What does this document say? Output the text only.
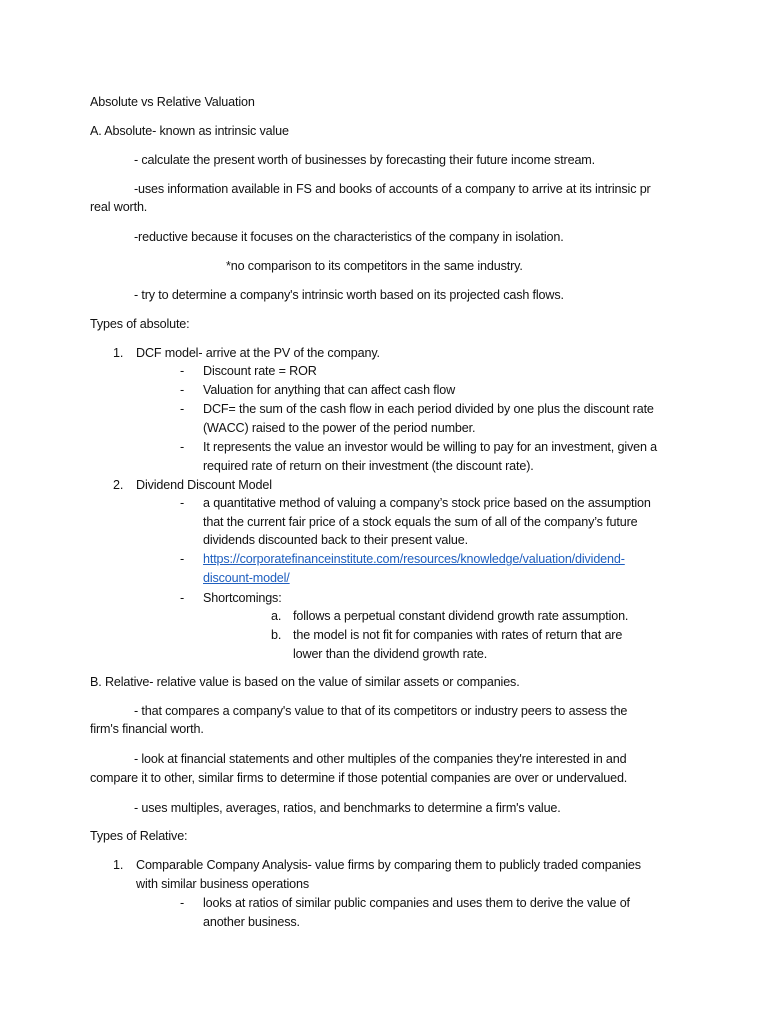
Absolute vs Relative Valuation
A. Absolute- known as intrinsic value
- calculate the present worth of businesses by forecasting their future income stream.
-uses information available in FS and books of accounts of a company to arrive at its intrinsic pr
real worth.
-reductive because it focuses on the characteristics of the company in isolation.
*no comparison to its competitors in the same industry.
- try to determine a company's intrinsic worth based on its projected cash flows.
Types of absolute:
1. DCF model- arrive at the PV of the company.
- Discount rate = ROR
- Valuation for anything that can affect cash flow
- DCF= the sum of the cash flow in each period divided by one plus the discount rate
(WACC) raised to the power of the period number.
- It represents the value an investor would be willing to pay for an investment, given a
required rate of return on their investment (the discount rate).
2. Dividend Discount Model
- a quantitative method of valuing a company’s stock price based on the assumption
that the current fair price of a stock equals the sum of all of the company’s future
dividends discounted back to their present value.
- https://corporatefinanceinstitute.com/resources/knowledge/valuation/dividend-
discount-model/
- Shortcomings:
a. follows a perpetual constant dividend growth rate assumption.
b. the model is not fit for companies with rates of return that are
lower than the dividend growth rate.
B. Relative- relative value is based on the value of similar assets or companies.
- that compares a company's value to that of its competitors or industry peers to assess the
firm's financial worth.
- look at financial statements and other multiples of the companies they're interested in and
compare it to other, similar firms to determine if those potential companies are over or undervalued.
- uses multiples, averages, ratios, and benchmarks to determine a firm's value.
Types of Relative:
1. Comparable Company Analysis- value firms by comparing them to publicly traded companies
with similar business operations
- looks at ratios of similar public companies and uses them to derive the value of
another business.
